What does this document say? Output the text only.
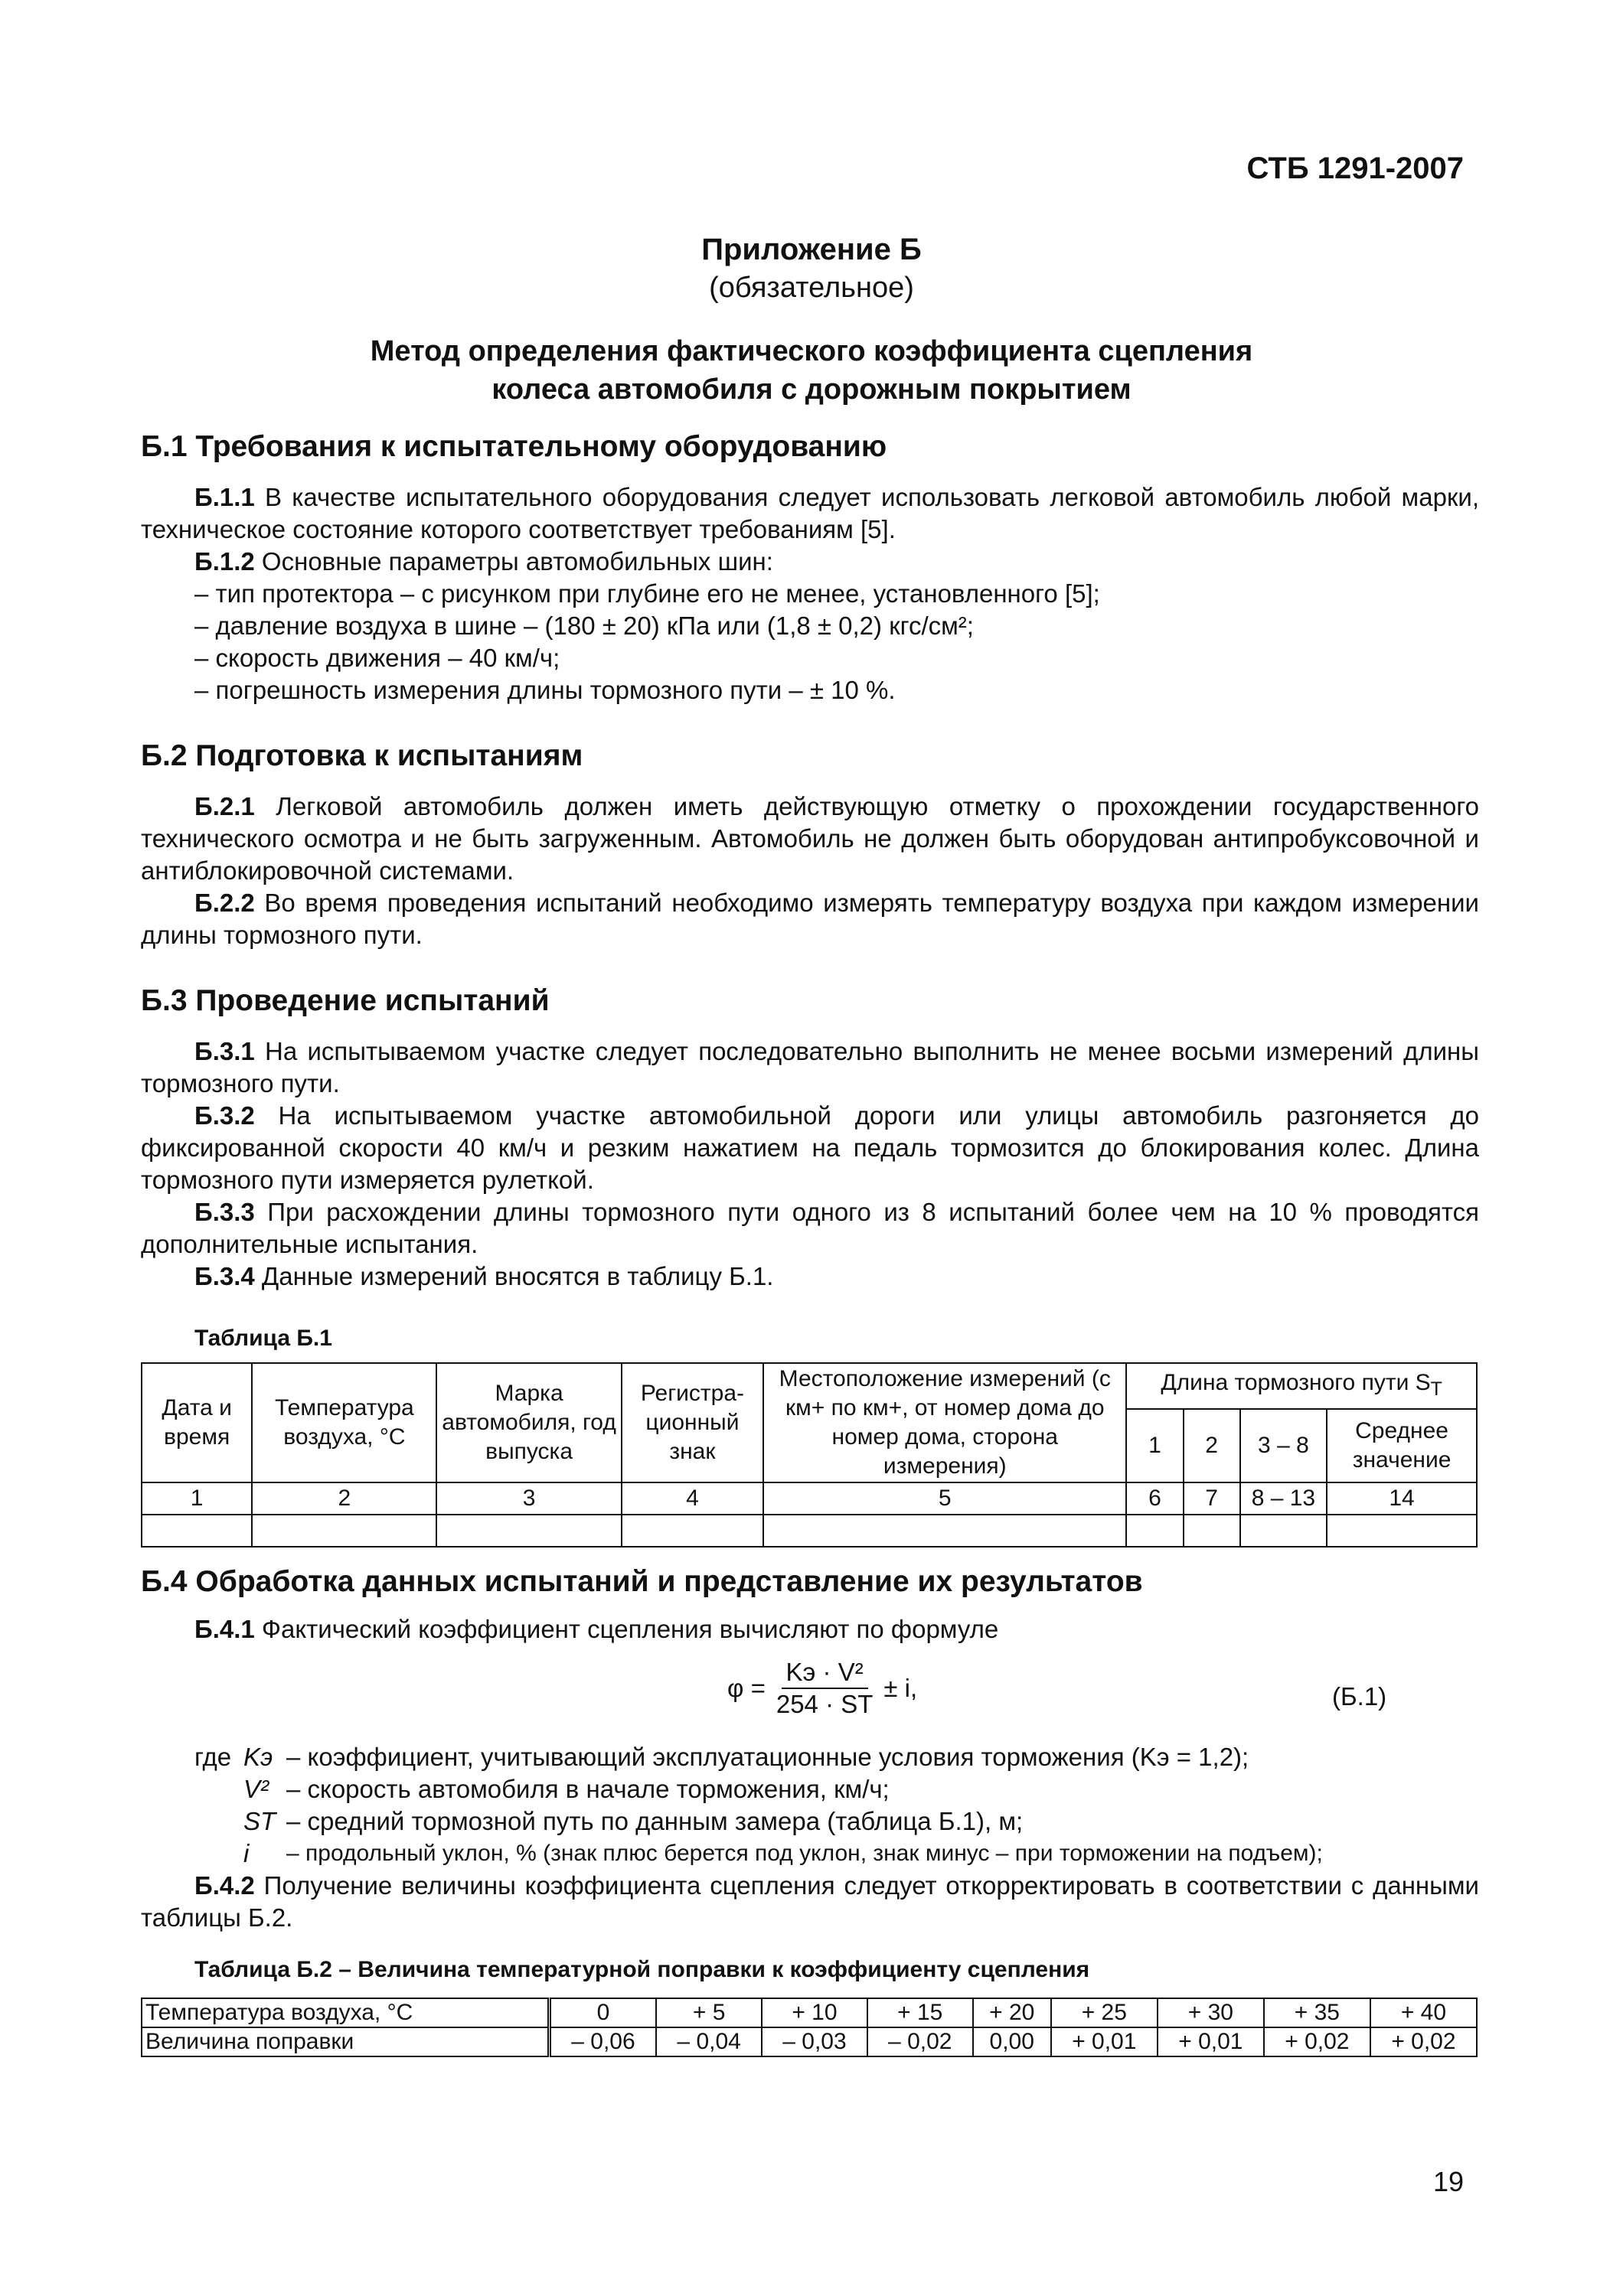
СТБ 1291-2007
Приложение Б
(обязательное)
Метод определения фактического коэффициента сцепления
колеса автомобиля с дорожным покрытием
Б.1 Требования к испытательному оборудованию
Б.1.1 В качестве испытательного оборудования следует использовать легковой автомобиль любой марки, техническое состояние которого соответствует требованиям [5].
Б.1.2 Основные параметры автомобильных шин:
– тип протектора – с рисунком при глубине его не менее, установленного [5];
– давление воздуха в шине – (180 ± 20) кПа или (1,8 ± 0,2) кгс/см²;
– скорость движения – 40 км/ч;
– погрешность измерения длины тормозного пути – ± 10 %.
Б.2 Подготовка к испытаниям
Б.2.1 Легковой автомобиль должен иметь действующую отметку о прохождении государственного технического осмотра и не быть загруженным. Автомобиль не должен быть оборудован антипробуксовочной и антиблокировочной системами.
Б.2.2 Во время проведения испытаний необходимо измерять температуру воздуха при каждом измерении длины тормозного пути.
Б.3 Проведение испытаний
Б.3.1 На испытываемом участке следует последовательно выполнить не менее восьми измерений длины тормозного пути.
Б.3.2 На испытываемом участке автомобильной дороги или улицы автомобиль разгоняется до фиксированной скорости 40 км/ч и резким нажатием на педаль тормозится до блокирования колес. Длина тормозного пути измеряется рулеткой.
Б.3.3 При расхождении длины тормозного пути одного из 8 испытаний более чем на 10 % проводятся дополнительные испытания.
Б.3.4 Данные измерений вносятся в таблицу Б.1.
Таблица Б.1
Дата и время	Температура воздуха, °С	Марка автомобиля, год выпуска	Регистра-ционный знак	Местоположение измерений (с км+ по км+, от номер дома до номер дома, сторона измерения)	Длина тормозного пути $S_Т$
					1	2	3 – 8	Среднее значение
1	2	3	4	5	6	7	8 – 13	14

Б.4 Обработка данных испытаний и представление их результатов
Б.4.1 Фактический коэффициент сцепления вычисляют по формуле
$\varphi = \frac{\text{Kэ · V²}}{254 \cdot SТ} \pm i$,	(Б.1)
где Kэ – коэффициент, учитывающий эксплуатационные условия торможения (Kэ = 1,2);
V² – скорость автомобиля в начале торможения, км/ч;
SТ – средний тормозной путь по данным замера (таблица Б.1), м;
i	– продольный уклон, % (знак плюс берется под уклон, знак минус – при торможении на подъем);
Б.4.2 Получение величины коэффициента сцепления следует откорректировать в соответствии с данными таблицы Б.2.
Таблица Б.2 – Величина температурной поправки к коэффициенту сцепления
Температура воздуха, °С	0	+ 5	+ 10	+ 15	+ 20	+ 25	+ 30	+ 35	+ 40
Величина поправки	– 0,06	– 0,04	– 0,03	– 0,02	0,00	+ 0,01	+ 0,01	+ 0,02	+ 0,02
19
